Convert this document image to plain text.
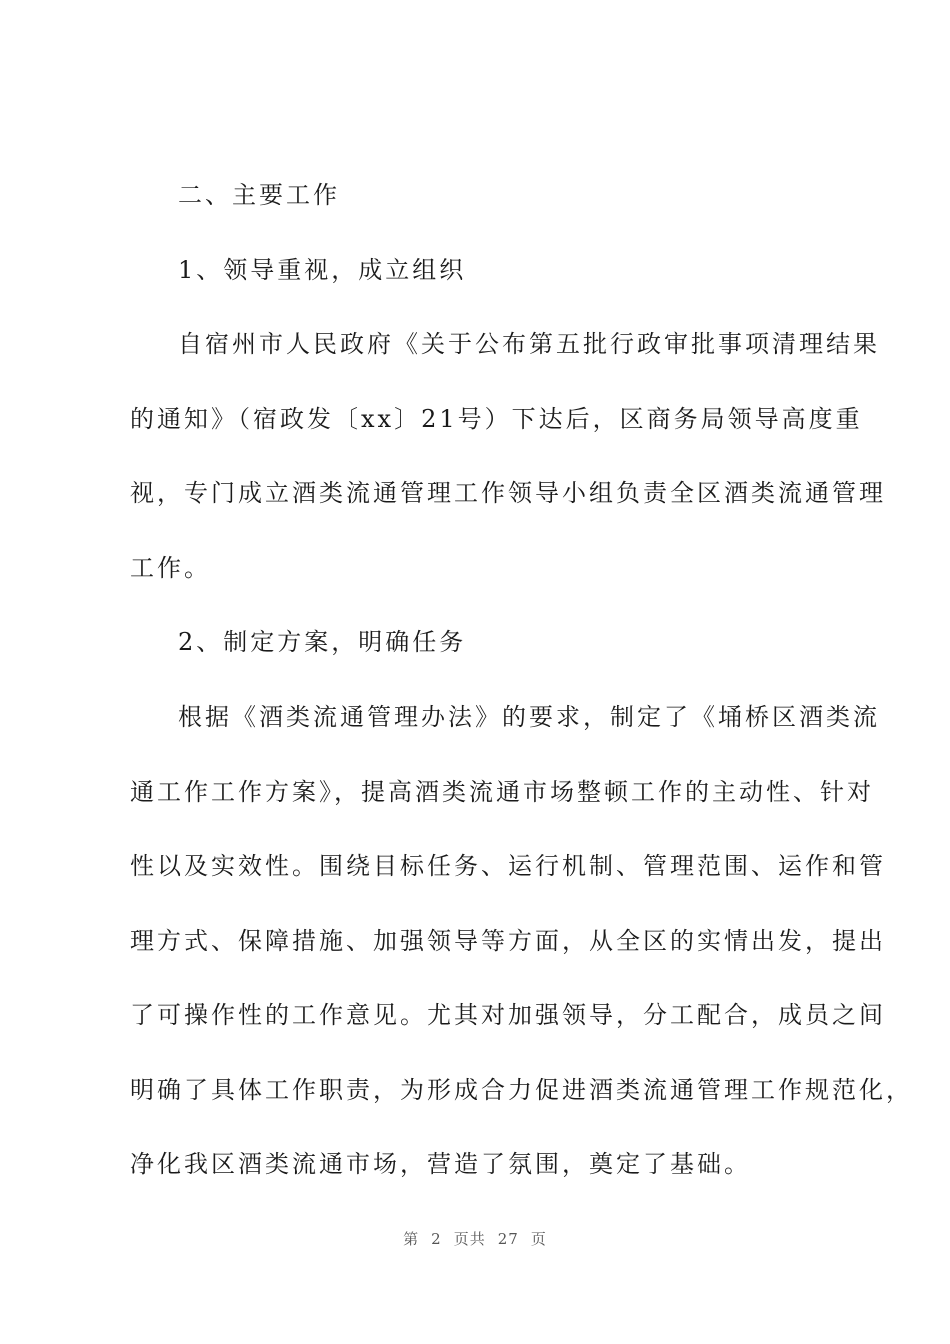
二、主要工作
1、领导重视，成立组织
自宿州市人民政府《关于公布第五批行政审批事项清理结果
的通知》（宿政发〔xx〕21号）下达后，区商务局领导高度重
视，专门成立酒类流通管理工作领导小组负责全区酒类流通管理
工作。
2、制定方案，明确任务
根据《酒类流通管理办法》的要求，制定了《埇桥区酒类流
通工作工作方案》，提高酒类流通市场整顿工作的主动性、针对
性以及实效性。围绕目标任务、运行机制、管理范围、运作和管
理方式、保障措施、加强领导等方面，从全区的实情出发，提出
了可操作性的工作意见。尤其对加强领导，分工配合，成员之间
明确了具体工作职责，为形成合力促进酒类流通管理工作规范化，
净化我区酒类流通市场，营造了氛围，奠定了基础。
第 2 页共 27 页
